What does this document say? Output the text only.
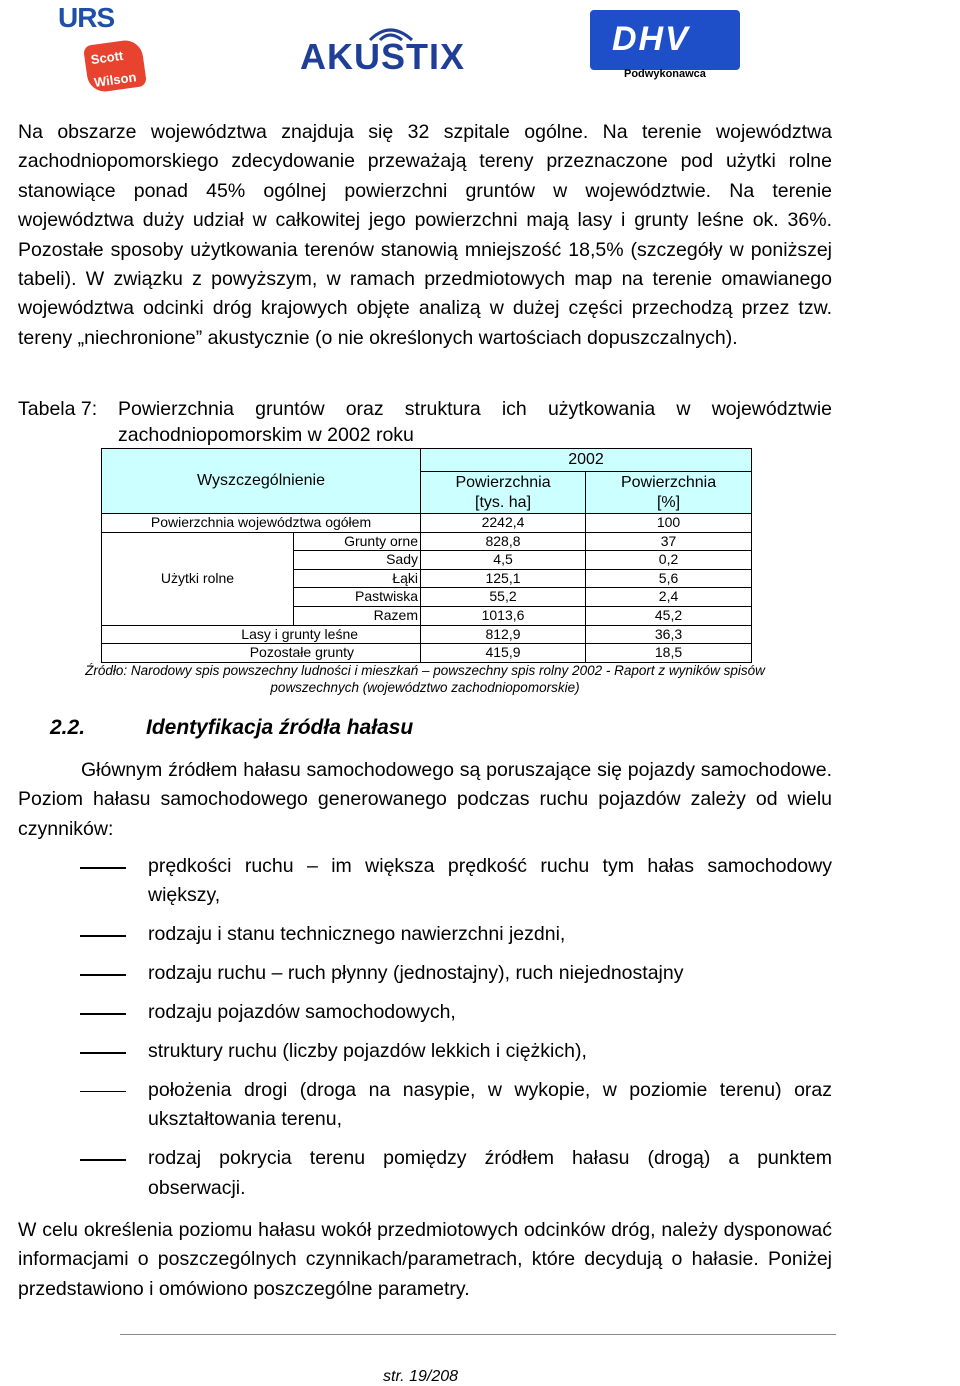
URS
Scott
Wilson
AKUSTIX	DHV
Podwykonawca

Na obszarze województwa znajduja się 32 szpitale ogólne. Na terenie województwa zachodniopomorskiego zdecydowanie przeważają tereny przeznaczone pod użytki rolne stanowiące ponad 45% ogólnej powierzchni gruntów w województwie. Na terenie województwa duży udział w całkowitej jego powierzchni mają lasy i grunty leśne ok. 36%. Pozostałe sposoby użytkowania terenów stanowią mniejszość 18,5% (szczegóły w poniższej tabeli). W związku z powyższym, w ramach przedmiotowych map na terenie omawianego województwa odcinki dróg krajowych objęte analizą w dużej części przechodzą przez tzw. tereny „niechronione” akustycznie (o nie określonych wartościach dopuszczalnych).

Tabela 7: Powierzchnia gruntów oraz struktura ich użytkowania w województwie zachodniopomorskim w 2002 roku
Wyszczególnienie		2002	
		Powierzchnia	Powierzchnia
		[tys. ha]	[%]
Powierzchnia województwa ogółem		2242,4	100
Użytki rolne	Grunty orne	828,8	37
	Sady	4,5	0,2
	Łąki	125,1	5,6
	Pastwiska	55,2	2,4
	Razem	1013,6	45,2
Lasy i grunty leśne		812,9	36,3
Pozostałe grunty		415,9	18,5
Źródło: Narodowy spis powszechny ludności i mieszkań – powszechny spis rolny 2002 - Raport z wyników spisów powszechnych (województwo zachodniopomorskie)
2.2.	Identyfikacja źródła hałasu

Głównym źródłem hałasu samochodowego są poruszające się pojazdy samochodowe. Poziom hałasu samochodowego generowanego podczas ruchu pojazdów zależy od wielu czynników:

prędkości ruchu – im większa prędkość ruchu tym hałas samochodowy większy,
rodzaju i stanu technicznego nawierzchni jezdni,
rodzaju ruchu – ruch płynny (jednostajny), ruch niejednostajny
rodzaju pojazdów samochodowych,
struktury ruchu (liczby pojazdów lekkich i ciężkich),
położenia drogi (droga na nasypie, w wykopie, w poziomie terenu) oraz ukształtowania terenu,
rodzaj pokrycia terenu pomiędzy źródłem hałasu (drogą) a punktem obserwacji.

W celu określenia poziomu hałasu wokół przedmiotowych odcinków dróg, należy dysponować informacjami o poszczególnych czynnikach/parametrach, które decydują o hałasie. Poniżej przedstawiono i omówiono poszczególne parametry.

str. 19/208
